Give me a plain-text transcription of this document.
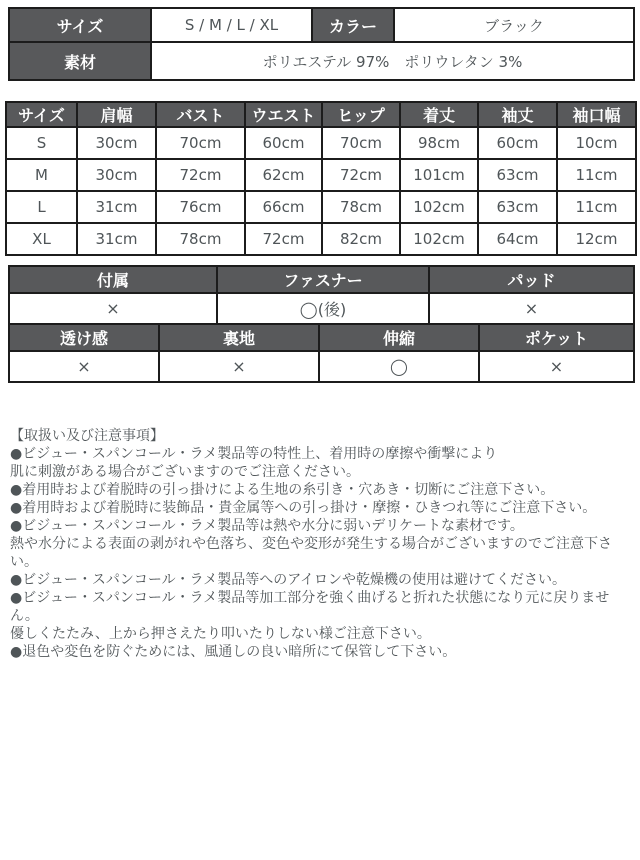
サイズ	S / M / L / XL	カラー	ブラック
素材	ポリエステル 97%　ポリウレタン 3%		
サイズ	肩幅	バスト	ウエスト	ヒップ	着丈	袖丈	袖口幅
S	30cm	70cm	60cm	70cm	98cm	60cm	10cm
M	30cm	72cm	62cm	72cm	101cm	63cm	11cm
L	31cm	76cm	66cm	78cm	102cm	63cm	11cm
XL	31cm	78cm	72cm	82cm	102cm	64cm	12cm
付属	ファスナー	パッド
×	◯(後)	×
透け感	裏地	伸縮	ポケット
×	×	◯	×
【取扱い及び注意事項】
●ビジュー・スパンコール・ラメ製品等の特性上、着用時の摩擦や衝撃により
肌に刺激がある場合がございますのでご注意ください。
●着用時および着脱時の引っ掛けによる生地の糸引き・穴あき・切断にご注意下さい。
●着用時および着脱時に装飾品・貴金属等への引っ掛け・摩擦・ひきつれ等にご注意下さい。
●ビジュー・スパンコール・ラメ製品等は熱や水分に弱いデリケートな素材です。
熱や水分による表面の剥がれや色落ち、変色や変形が発生する場合がございますのでご注意下さい。
●ビジュー・スパンコール・ラメ製品等へのアイロンや乾燥機の使用は避けてください。
●ビジュー・スパンコール・ラメ製品等加工部分を強く曲げると折れた状態になり元に戻りません。
優しくたたみ、上から押さえたり叩いたりしない様ご注意下さい。
●退色や変色を防ぐためには、風通しの良い暗所にて保管して下さい。
